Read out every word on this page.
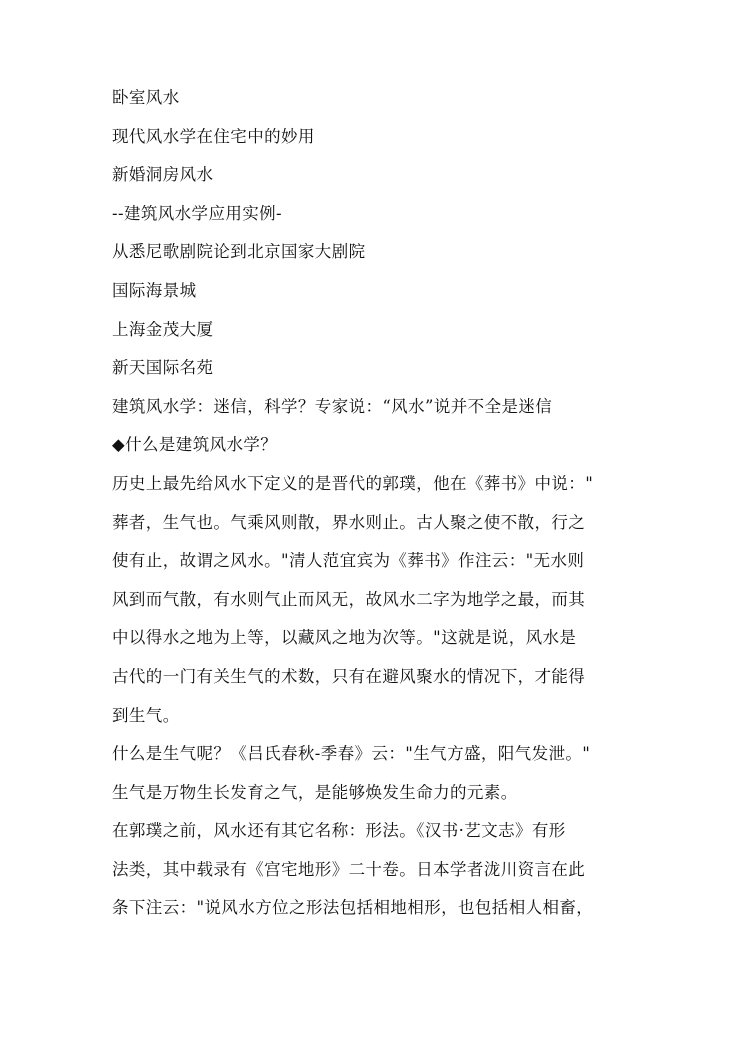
卧室风水
现代风水学在住宅中的妙用
新婚洞房风水
--建筑风水学应用实例-
从悉尼歌剧院论到北京国家大剧院
国际海景城
上海金茂大厦
新天国际名苑
建筑风水学：迷信，科学？专家说：“风水”说并不全是迷信
◆什么是建筑风水学？
历史上最先给风水下定义的是晋代的郭璞，他在《葬书》中说："
葬者，生气也。气乘风则散，界水则止。古人聚之使不散，行之
使有止，故谓之风水。"清人范宜宾为《葬书》作注云："无水则
风到而气散，有水则气止而风无，故风水二字为地学之最，而其
中以得水之地为上等，以藏风之地为次等。"这就是说，风水是
古代的一门有关生气的术数，只有在避风聚水的情况下，才能得
到生气。
什么是生气呢？《吕氏春秋-季春》云："生气方盛，阳气发泄。"
生气是万物生长发育之气，是能够焕发生命力的元素。
在郭璞之前，风水还有其它名称：形法。《汉书·艺文志》有形
法类，其中载录有《宫宅地形》二十卷。日本学者泷川资言在此
条下注云："说风水方位之形法包括相地相形，也包括相人相畜，
